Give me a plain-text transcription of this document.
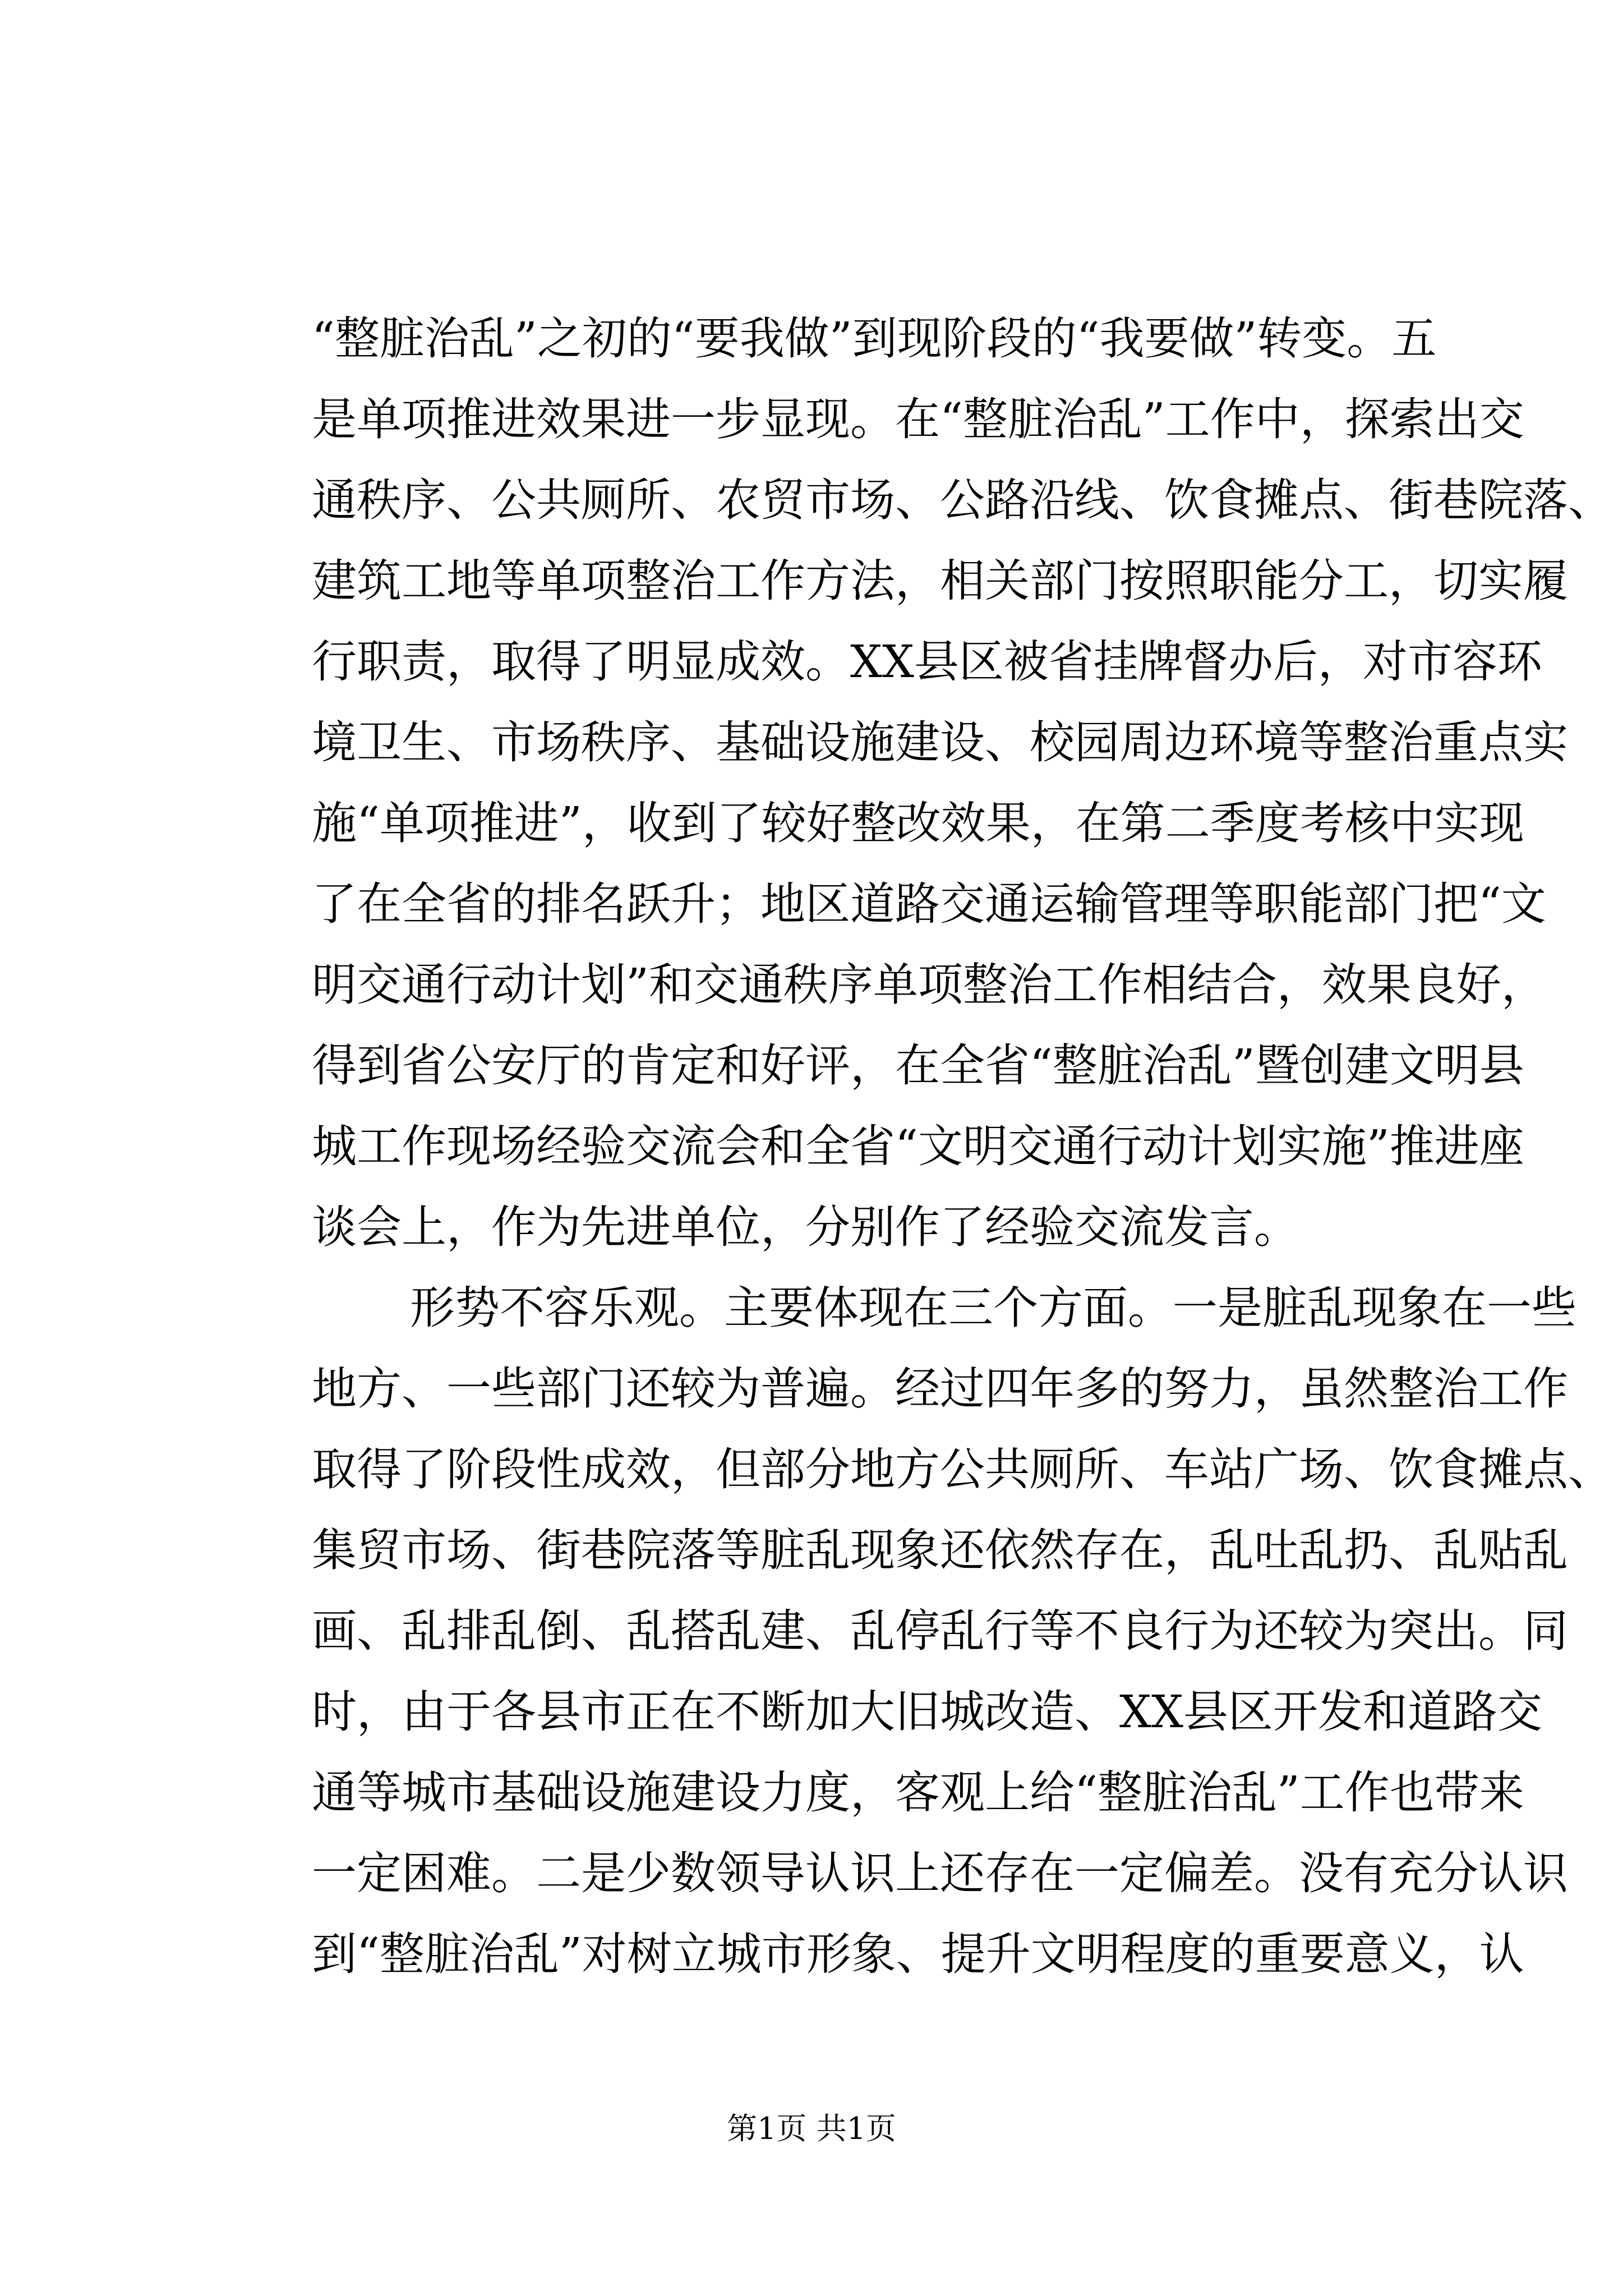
“整脏治乱”之初的“要我做”到现阶段的“我要做”转变。五
是单项推进效果进一步显现。在“整脏治乱”工作中，探索出交
通秩序、公共厕所、农贸市场、公路沿线、饮食摊点、街巷院落、
建筑工地等单项整治工作方法，相关部门按照职能分工，切实履
行职责，取得了明显成效。XX县区被省挂牌督办后，对市容环
境卫生、市场秩序、基础设施建设、校园周边环境等整治重点实
施“单项推进”，收到了较好整改效果，在第二季度考核中实现
了在全省的排名跃升；地区道路交通运输管理等职能部门把“文
明交通行动计划”和交通秩序单项整治工作相结合，效果良好，
得到省公安厅的肯定和好评，在全省“整脏治乱”暨创建文明县
城工作现场经验交流会和全省“文明交通行动计划实施”推进座
谈会上，作为先进单位，分别作了经验交流发言。
形势不容乐观。主要体现在三个方面。一是脏乱现象在一些
地方、一些部门还较为普遍。经过四年多的努力，虽然整治工作
取得了阶段性成效，但部分地方公共厕所、车站广场、饮食摊点、
集贸市场、街巷院落等脏乱现象还依然存在，乱吐乱扔、乱贴乱
画、乱排乱倒、乱搭乱建、乱停乱行等不良行为还较为突出。同
时，由于各县市正在不断加大旧城改造、XX县区开发和道路交
通等城市基础设施建设力度，客观上给“整脏治乱”工作也带来
一定困难。二是少数领导认识上还存在一定偏差。没有充分认识
到“整脏治乱”对树立城市形象、提升文明程度的重要意义，认
第1页 共1页
